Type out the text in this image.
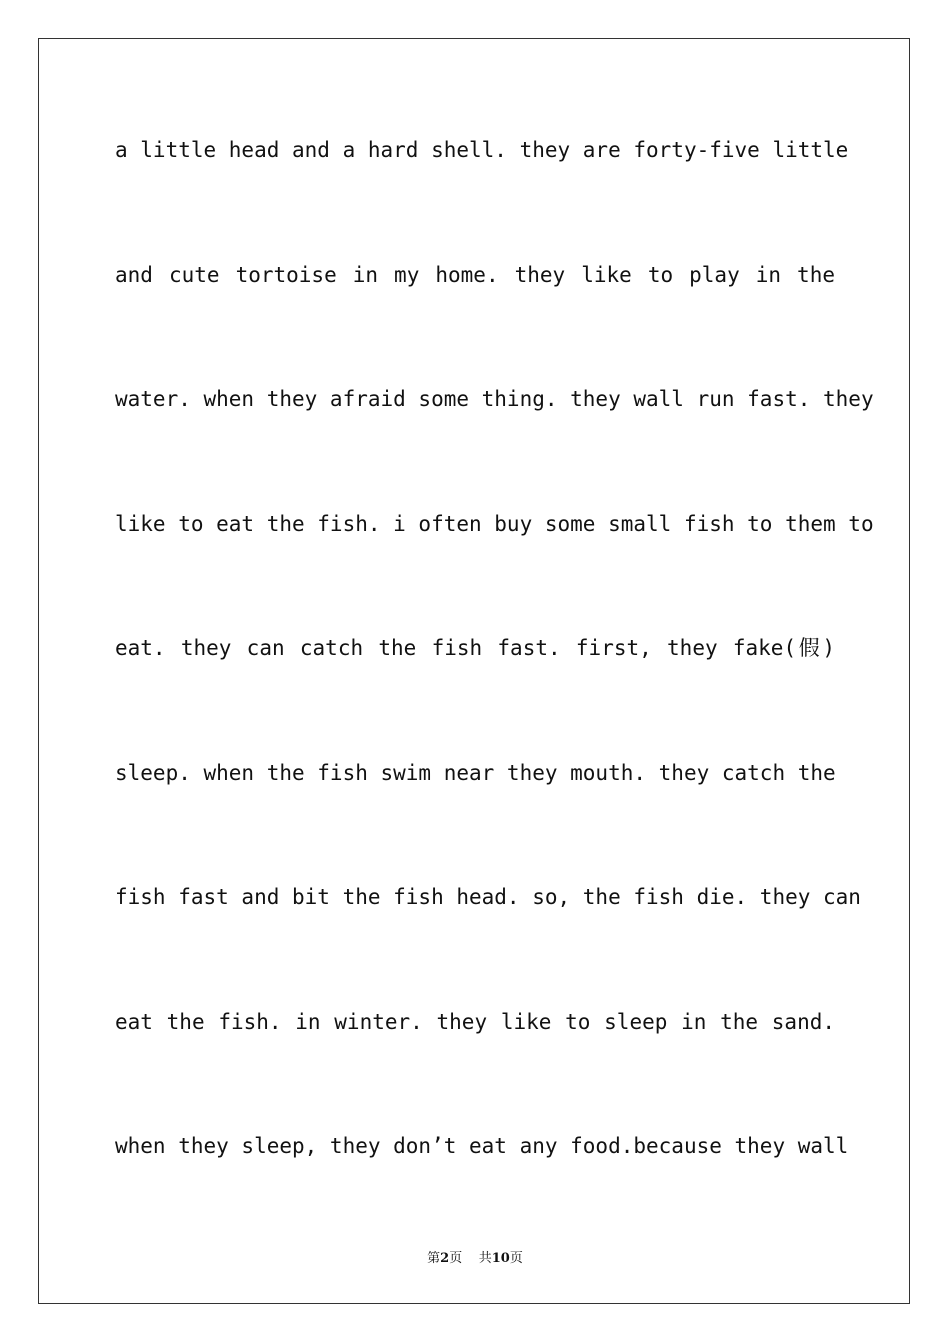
a little head and a hard shell. they are forty-five little
and cute tortoise in my home. they like to play in the
water. when they afraid some thing. they wall run fast. they
like to eat the fish. i often buy some small fish to them to
eat. they can catch the fish fast. first, they fake(假)
sleep. when the fish swim near they mouth. they catch the
fish fast and bit the fish head. so, the fish die. they can
eat the fish. in winter. they like to sleep in the sand.
when they sleep, they don’t eat any food.because they wall
第2页 共10页
